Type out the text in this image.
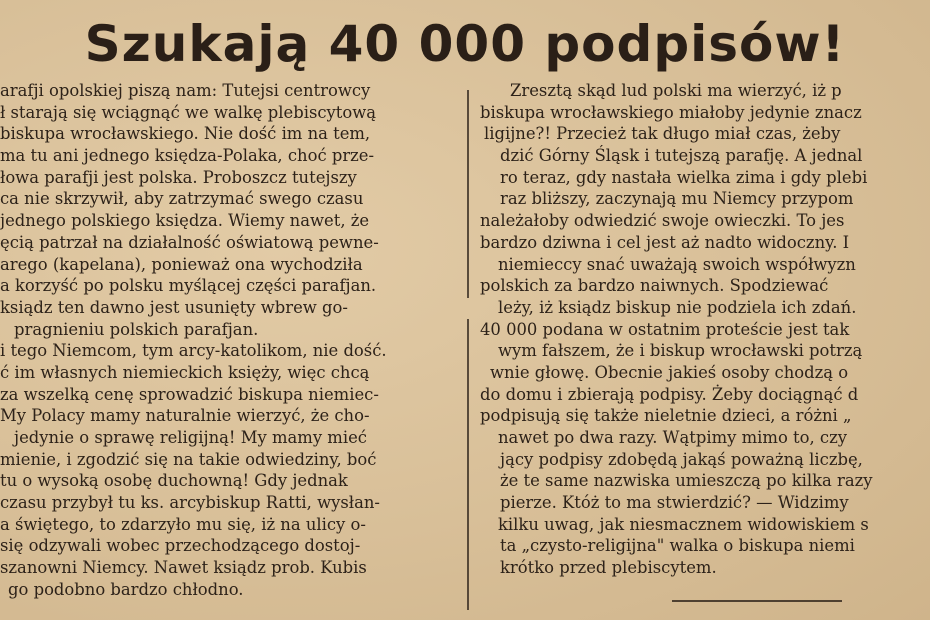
Szukają 40 000 podpisów!
arafji opolskiej piszą nam: Tutejsi centrowcy
ł starają się wciągnąć we walkę plebiscytową
biskupa wrocławskiego. Nie dość im na tem,
ma tu ani jednego księdza-Polaka, choć prze-
łowa parafji jest polska. Proboszcz tutejszy
ca nie skrzywił, aby zatrzymać swego czasu
jednego polskiego księdza. Wiemy nawet, że
ęcią patrzał na działalność oświatową pewne-
arego (kapelana), ponieważ ona wychodziła
a korzyść po polsku myślącej części parafjan.
ksiądz ten dawno jest usunięty wbrew go-
pragnieniu polskich parafjan.
i tego Niemcom, tym arcy-katolikom, nie dość.
ć im własnych niemieckich księży, więc chcą
za wszelką cenę sprowadzić biskupa niemiec-
My Polacy mamy naturalnie wierzyć, że cho-
jedynie o sprawę religijną! My mamy mieć
mienie, i zgodzić się na takie odwiedziny, boć
tu o wysoką osobę duchowną! Gdy jednak
czasu przybył tu ks. arcybiskup Ratti, wysłan-
a świętego, to zdarzyło mu się, iż na ulicy o-
się odzywali wobec przechodzącego dostoj-
szanowni Niemcy. Nawet ksiądz prob. Kubis
go podobno bardzo chłodno.
Zresztą skąd lud polski ma wierzyć, iż p
biskupa wrocławskiego miałoby jedynie znacz
ligijne?! Przecież tak długo miał czas, żeby
dzić Górny Śląsk i tutejszą parafję. A jednal
ro teraz, gdy nastała wielka zima i gdy plebi
raz bliższy, zaczynają mu Niemcy przypom
należałoby odwiedzić swoje owieczki. To jes
bardzo dziwna i cel jest aż nadto widoczny. I
niemieccy snać uważają swoich współwyzn
polskich za bardzo naiwnych. Spodziewać
leży, iż ksiądz biskup nie podziela ich zdań.
40 000 podana w ostatnim proteście jest tak
wym fałszem, że i biskup wrocławski potrzą
wnie głowę. Obecnie jakieś osoby chodzą o
do domu i zbierają podpisy. Żeby dociągnąć d
podpisują się także nieletnie dzieci, a różni „
nawet po dwa razy. Wątpimy mimo to, czy
jący podpisy zdobędą jakąś poważną liczbę,
że te same nazwiska umieszczą po kilka razy
pierze. Któż to ma stwierdzić? — Widzimy
kilku uwag, jak niesmacznem widowiskiem s
ta „czysto-religijna" walka o biskupa niemi
krótko przed plebiscytem.
